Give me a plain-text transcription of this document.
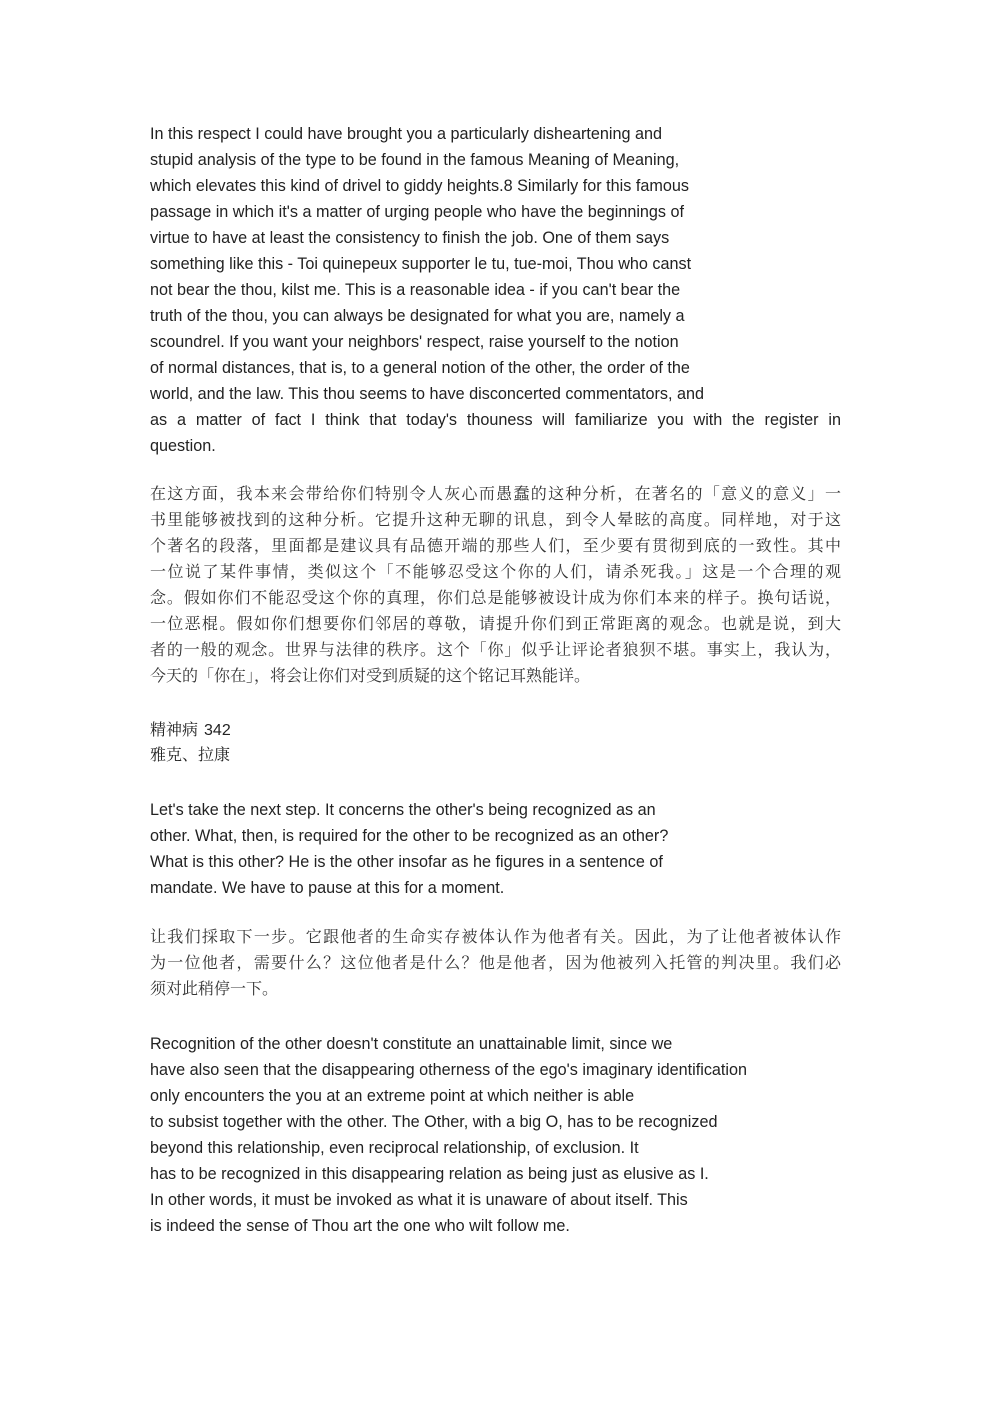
In this respect I could have brought you a particularly disheartening and
stupid analysis of the type to be found in the famous Meaning of Meaning,
which elevates this kind of drivel to giddy heights.8 Similarly for this famous
passage in which it's a matter of urging people who have the beginnings of
virtue to have at least the consistency to finish the job. One of them says
something like this - Toi quinepeux supporter le tu, tue-moi, Thou who canst
not bear the thou, kilst me. This is a reasonable idea - if you can't bear the
truth of the thou, you can always be designated for what you are, namely a
scoundrel. If you want your neighbors' respect, raise yourself to the notion
of normal distances, that is, to a general notion of the other, the order of the
world, and the law. This thou seems to have disconcerted commentators, and
as a matter of fact I think that today's thouness will familiarize you with the register in
question.
在这方面，我本来会带给你们特别令人灰心而愚蠢的这种分析，在著名的「意义的意义」一
书里能够被找到的这种分析。它提升这种无聊的讯息，到令人晕眩的高度。同样地，对于这
个著名的段落，里面都是建议具有品德开端的那些人们，至少要有贯彻到底的一致性。其中
一位说了某件事情，类似这个「不能够忍受这个你的人们，请杀死我。」这是一个合理的观
念。假如你们不能忍受这个你的真理，你们总是能够被设计成为你们本来的样子。换句话说，
一位恶棍。假如你们想要你们邻居的尊敬，请提升你们到正常距离的观念。也就是说，到大
者的一般的观念。世界与法律的秩序。这个「你」似乎让评论者狼狈不堪。事实上，我认为，
今天的「你在」，将会让你们对受到质疑的这个铭记耳熟能详。
精神病 342
雅克、拉康
Let's take the next step. It concerns the other's being recognized as an
other. What, then, is required for the other to be recognized as an other?
What is this other? He is the other insofar as he figures in a sentence of
mandate. We have to pause at this for a moment.
让我们採取下一步。它跟他者的生命实存被体认作为他者有关。因此，为了让他者被体认作
为一位他者，需要什么？这位他者是什么？他是他者，因为他被列入托管的判决里。我们必
须对此稍停一下。
Recognition of the other doesn't constitute an unattainable limit, since we
have also seen that the disappearing otherness of the ego's imaginary identification
only encounters the you at an extreme point at which neither is able
to subsist together with the other. The Other, with a big O, has to be recognized
beyond this relationship, even reciprocal relationship, of exclusion. It
has to be recognized in this disappearing relation as being just as elusive as I.
In other words, it must be invoked as what it is unaware of about itself. This
is indeed the sense of Thou art the one who wilt follow me.
